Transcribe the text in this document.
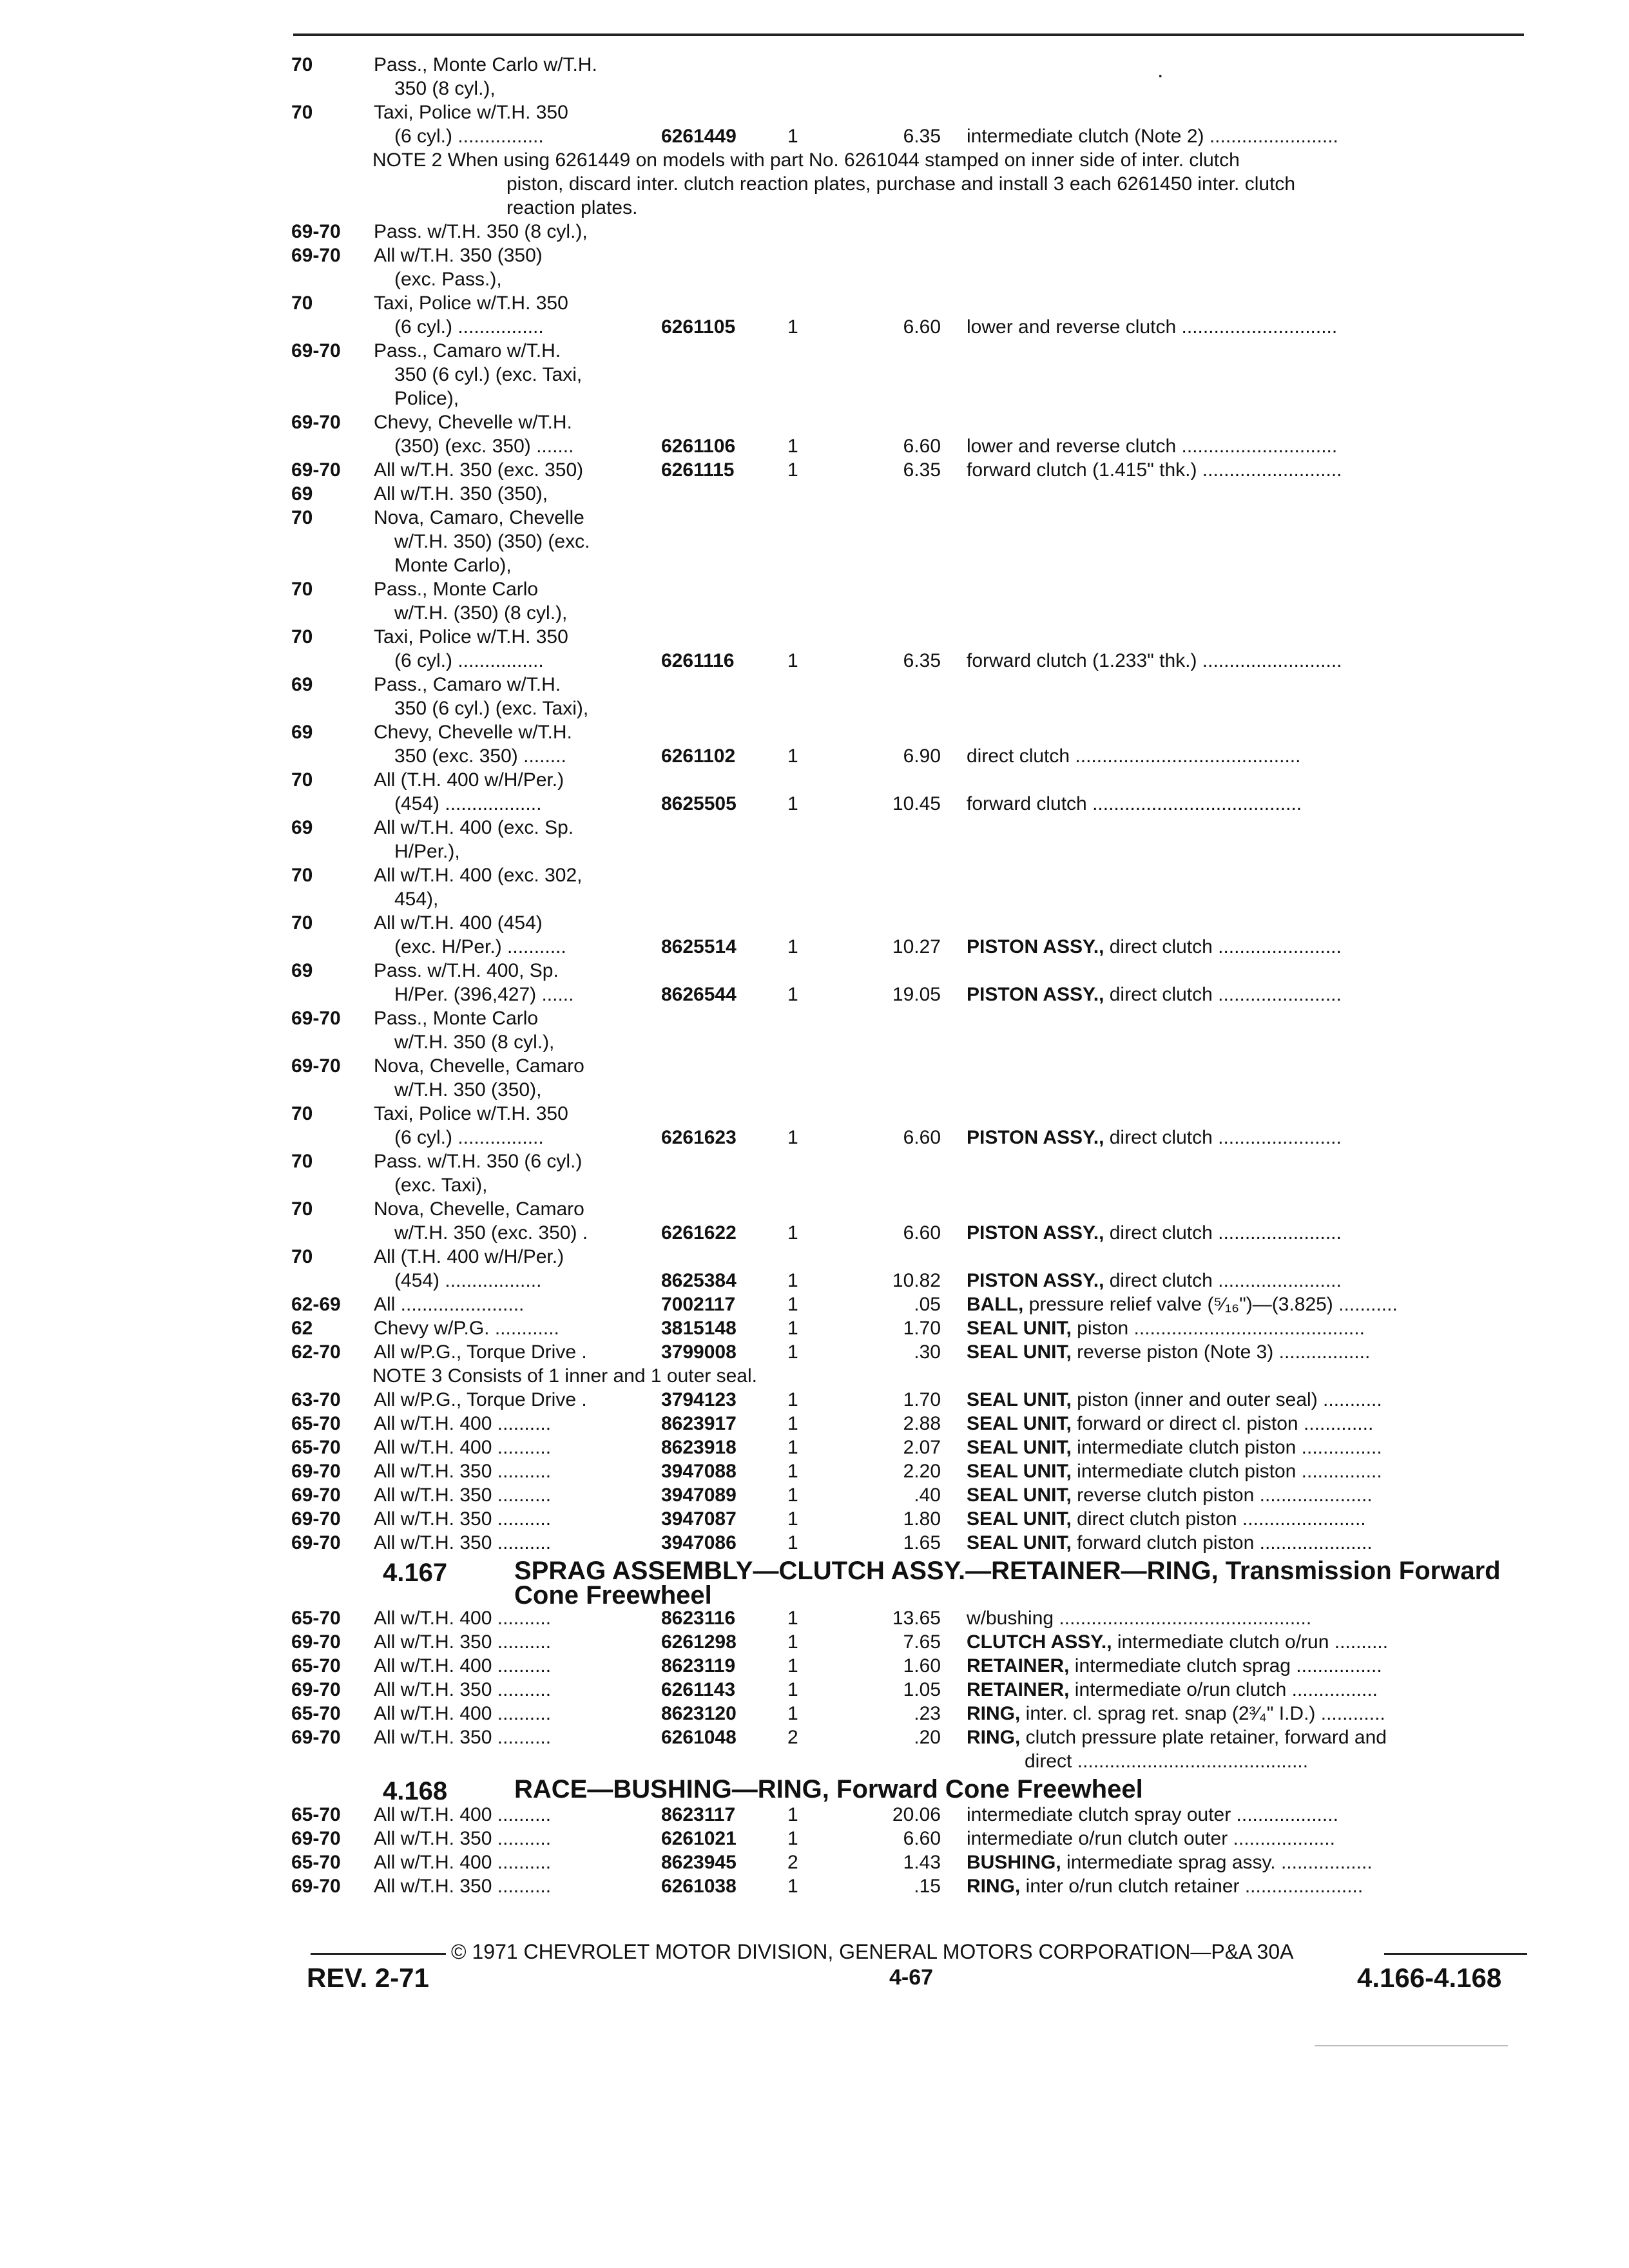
.
70	Pass., Monte Carlo w/T.H.
350 (8 cyl.),
70	Taxi, Police w/T.H. 350
(6 cyl.) ................	6261449	1	6.35 intermediate clutch (Note 2) ........................
NOTE 2 When using 6261449 on models with part No. 6261044 stamped on inner side of inter. clutch
piston, discard inter. clutch reaction plates, purchase and install 3 each 6261450 inter. clutch
reaction plates.
69-70 Pass. w/T.H. 350 (8 cyl.),
69-70 All w/T.H. 350 (350)
(exc. Pass.),
70	Taxi, Police w/T.H. 350
(6 cyl.) ................	6261105	1	6.60 lower and reverse clutch .............................
69-70 Pass., Camaro w/T.H.
350 (6 cyl.) (exc. Taxi,
Police),
69-70 Chevy, Chevelle w/T.H.
(350) (exc. 350) .......	6261106	1	6.60 lower and reverse clutch .............................
69-70 All w/T.H. 350 (exc. 350)	6261115	1	6.35 forward clutch (1.415" thk.) ..........................
69	All w/T.H. 350 (350),
70	Nova, Camaro, Chevelle
w/T.H. 350) (350) (exc.
Monte Carlo),
70	Pass., Monte Carlo
w/T.H. (350) (8 cyl.),
70	Taxi, Police w/T.H. 350
(6 cyl.) ................	6261116	1	6.35 forward clutch (1.233" thk.) ..........................
69	Pass., Camaro w/T.H.
350 (6 cyl.) (exc. Taxi),
69	Chevy, Chevelle w/T.H.
350 (exc. 350) ........	6261102	1	6.90 direct clutch ..........................................
70	All (T.H. 400 w/H/Per.)
(454) ..................	8625505	1	10.45 forward clutch .......................................
69	All w/T.H. 400 (exc. Sp.
H/Per.),
70	All w/T.H. 400 (exc. 302,
454),
70	All w/T.H. 400 (454)
(exc. H/Per.) ...........	8625514	1	10.27 PISTON ASSY., direct clutch .......................
69	Pass. w/T.H. 400, Sp.
H/Per. (396,427) ......	8626544	1	19.05 PISTON ASSY., direct clutch .......................
69-70 Pass., Monte Carlo
w/T.H. 350 (8 cyl.),
69-70 Nova, Chevelle, Camaro
w/T.H. 350 (350),
70	Taxi, Police w/T.H. 350
(6 cyl.) ................	6261623	1	6.60 PISTON ASSY., direct clutch .......................
70	Pass. w/T.H. 350 (6 cyl.)
(exc. Taxi),
70	Nova, Chevelle, Camaro
w/T.H. 350 (exc. 350) .	6261622	1	6.60 PISTON ASSY., direct clutch .......................
70	All (T.H. 400 w/H/Per.)
(454) ..................	8625384	1	10.82 PISTON ASSY., direct clutch .......................
62-69 All .......................	7002117	1	.05 BALL, pressure relief valve (⁵⁄₁₆")—(3.825) ...........
62	Chevy w/P.G. ............	3815148	1	1.70 SEAL UNIT, piston ...........................................
62-70 All w/P.G., Torque Drive .	3799008	1	.30 SEAL UNIT, reverse piston (Note 3) .................
NOTE 3 Consists of 1 inner and 1 outer seal.
63-70 All w/P.G., Torque Drive .	3794123	1	1.70 SEAL UNIT, piston (inner and outer seal) ...........
65-70 All w/T.H. 400 ..........	8623917	1	2.88 SEAL UNIT, forward or direct cl. piston .............
65-70 All w/T.H. 400 ..........	8623918	1	2.07 SEAL UNIT, intermediate clutch piston ...............
69-70 All w/T.H. 350 ..........	3947088	1	2.20 SEAL UNIT, intermediate clutch piston ...............
69-70 All w/T.H. 350 ..........	3947089	1	.40 SEAL UNIT, reverse clutch piston .....................
69-70 All w/T.H. 350 ..........	3947087	1	1.80 SEAL UNIT, direct clutch piston .......................
69-70 All w/T.H. 350 ..........	3947086	1	1.65 SEAL UNIT, forward clutch piston .....................
4.167	SPRAG ASSEMBLY—CLUTCH ASSY.—RETAINER—RING, Transmission Forward Cone Freewheel
65-70 All w/T.H. 400 ..........	8623116	1	13.65 w/bushing ...............................................
69-70 All w/T.H. 350 ..........	6261298	1	7.65 CLUTCH ASSY., intermediate clutch o/run ..........
65-70 All w/T.H. 400 ..........	8623119	1	1.60 RETAINER, intermediate clutch sprag ................
69-70 All w/T.H. 350 ..........	6261143	1	1.05 RETAINER, intermediate o/run clutch ................
65-70 All w/T.H. 400 ..........	8623120	1	.23 RING, inter. cl. sprag ret. snap (2³⁄₄" I.D.) ............
69-70 All w/T.H. 350 ..........	6261048	2	.20 RING, clutch pressure plate retainer, forward and
direct ...........................................
4.168	RACE—BUSHING—RING, Forward Cone Freewheel
65-70 All w/T.H. 400 ..........	8623117	1	20.06 intermediate clutch spray outer ...................
69-70 All w/T.H. 350 ..........	6261021	1	6.60 intermediate o/run clutch outer ...................
65-70 All w/T.H. 400 ..........	8623945	2	1.43 BUSHING, intermediate sprag assy. .................
69-70 All w/T.H. 350 ..........	6261038	1	.15 RING, inter o/run clutch retainer ......................
© 1971 CHEVROLET MOTOR DIVISION, GENERAL MOTORS CORPORATION—P&A 30A
REV. 2-71	4-67	4.166-4.168
